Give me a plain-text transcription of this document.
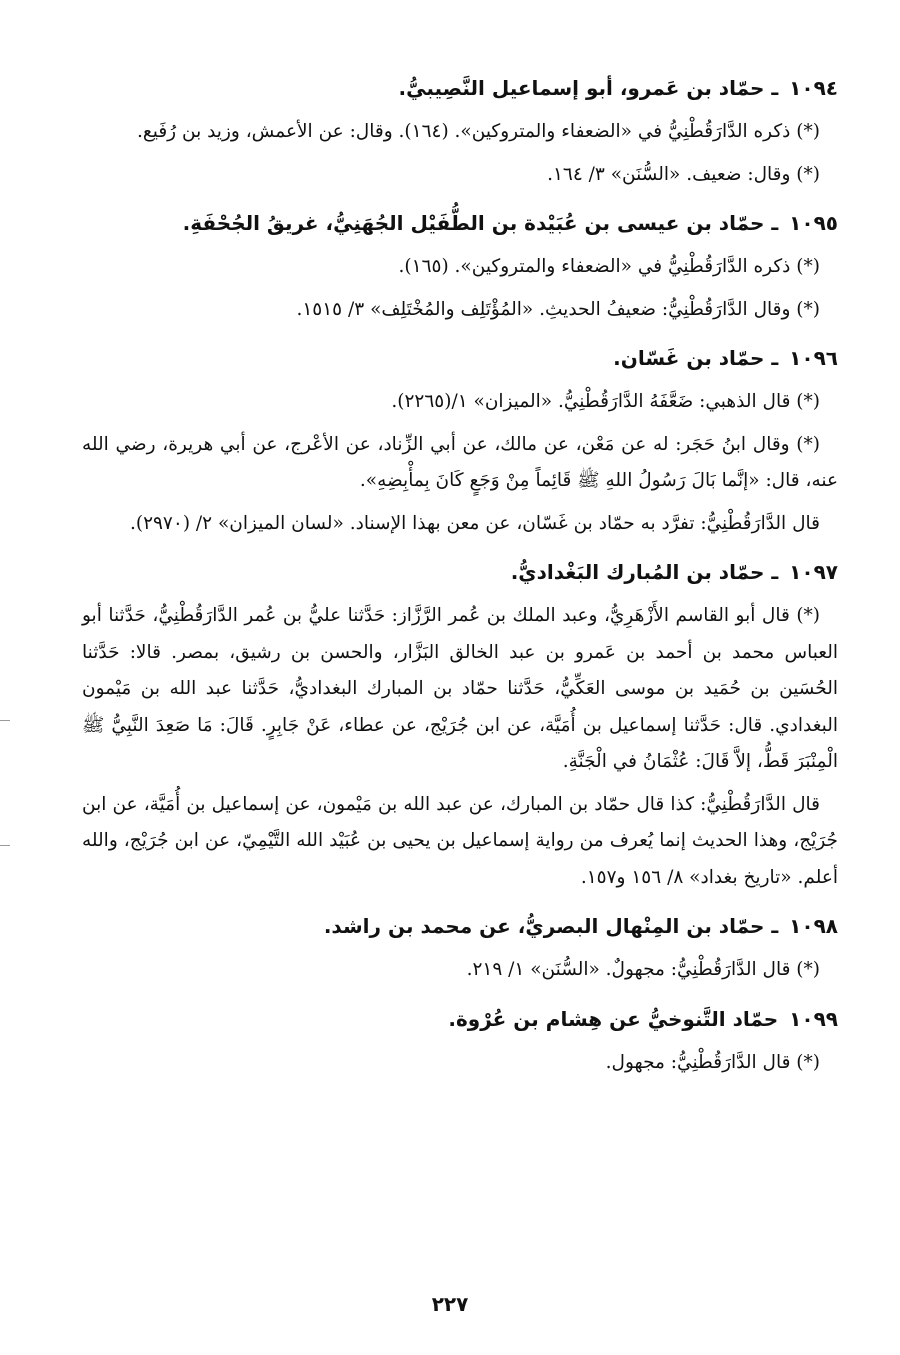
١٠٩٤ ـ حمّاد بن عَمرو، أبو إسماعيل النَّصِيبيُّ.

(*) ذكره الدَّارَقُطْنِيُّ في «الضعفاء والمتروكين». (١٦٤). وقال: عن الأعمش، وزيد بن رُفَيع.

(*) وقال: ضعيف. «السُّنَن» ٣/ ١٦٤.

١٠٩٥ ـ حمّاد بن عيسى بن عُبَيْدة بن الطُّفَيْل الجُهَنِيُّ، غريقُ الجُحْفَةِ.

(*) ذكره الدَّارَقُطْنِيُّ في «الضعفاء والمتروكين». (١٦٥).

(*) وقال الدَّارَقُطْنِيُّ: ضعيفُ الحديثِ. «المُؤْتَلِف والمُخْتَلِف» ٣/ ١٥١٥.

١٠٩٦ ـ حمّاد بن غَسّان.

(*) قال الذهبي: ضَعَّفَهُ الدَّارَقُطْنِيُّ. «الميزان» ١/(٢٢٦٥).

(*) وقال ابنُ حَجَر: له عن مَعْن، عن مالك، عن أبي الزِّناد، عن الأعْرج، عن أبي هريرة، رضي الله عنه، قال: «إنَّما بَالَ رَسُولُ اللهِ ﷺ قَائِماً مِنْ وَجَعٍ كَانَ بِمأْبِضِهِ».

قال الدَّارَقُطْنِيُّ: تفرَّد به حمّاد بن غَسّان، عن معن بهذا الإسناد. «لسان الميزان» ٢/ (٢٩٧٠).

١٠٩٧ ـ حمّاد بن المُبارك البَغْداديُّ.

(*) قال أبو القاسم الأَزْهَرِيُّ، وعبد الملك بن عُمر الرَّزَّاز: حَدَّثنا عليُّ بن عُمر الدَّارَقُطْنِيُّ، حَدَّثنا أبو العباس محمد بن أحمد بن عَمرو بن عبد الخالق البَزَّار، والحسن بن رشيق، بمصر. قالا: حَدَّثنا الحُسَين بن حُمَيد بن موسى العَكِّيُّ، حَدَّثنا حمّاد بن المبارك البغداديُّ، حَدَّثنا عبد الله بن مَيْمون البغدادي. قال: حَدَّثنا إسماعيل بن أُمَيَّة، عن ابن جُرَيْج، عن عطاء، عَنْ جَابِرٍ. قَالَ: مَا صَعِدَ النَّبِيُّ ﷺ الْمِنْبَرَ قَطُّ، إلاَّ قَالَ: عُثْمَانُ في الْجَنَّةِ.

قال الدَّارَقُطْنِيُّ: كذا قال حمّاد بن المبارك، عن عبد الله بن مَيْمون، عن إسماعيل بن أُمَيَّة، عن ابن جُرَيْج، وهذا الحديث إنما يُعرف من رواية إسماعيل بن يحيى بن عُبَيْد الله التَّيْمِيّ، عن ابن جُرَيْج، والله أعلم. «تاريخ بغداد» ٨/ ١٥٦ و١٥٧.

١٠٩٨ ـ حمّاد بن المِنْهال البصريُّ، عن محمد بن راشد.

(*) قال الدَّارَقُطْنِيُّ: مجهولٌ. «السُّنَن» ١/ ٢١٩.

١٠٩٩ حمّاد التَّنوخيُّ عن هِشام بن عُرْوة.

(*) قال الدَّارَقُطْنِيُّ: مجهول.

٢٢٧
